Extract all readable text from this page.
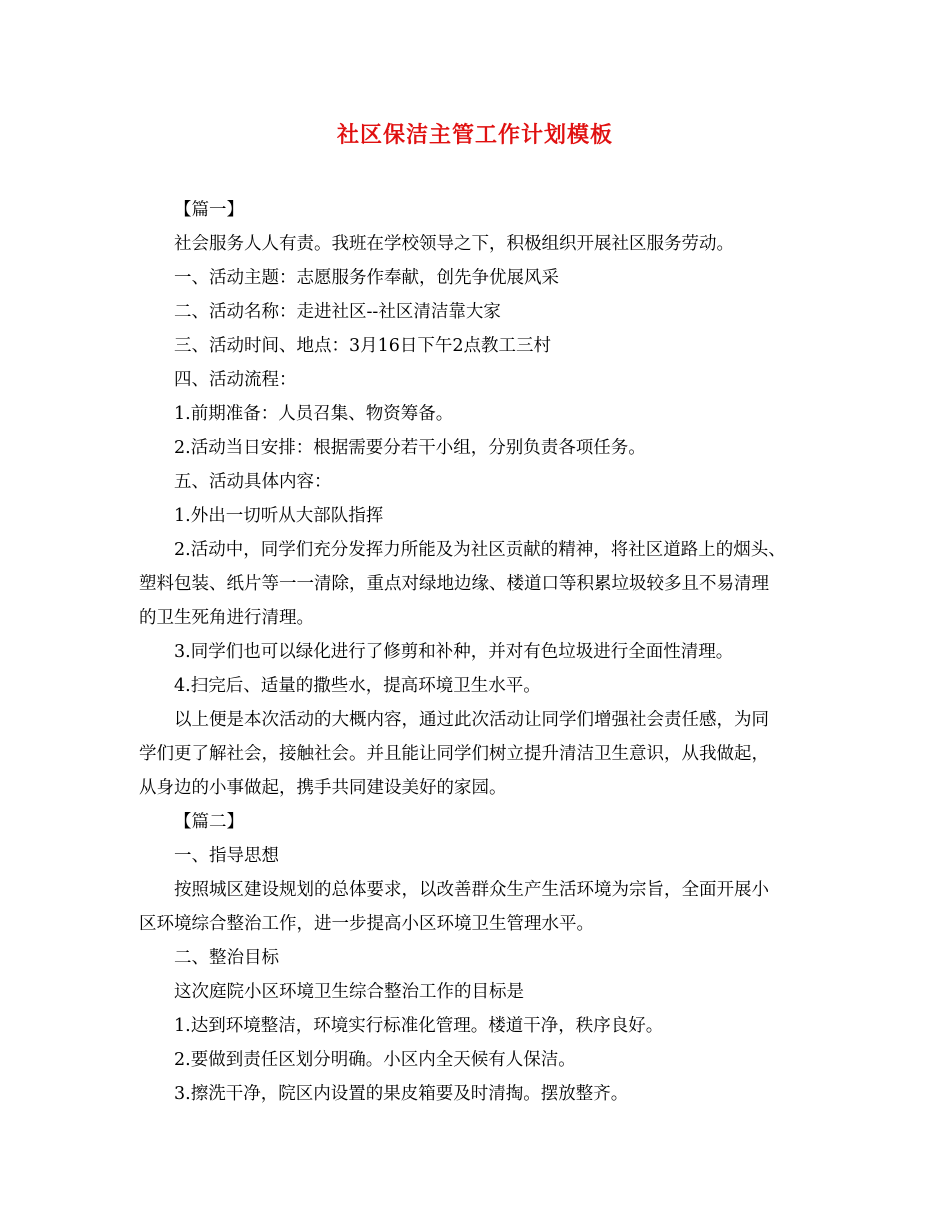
社区保洁主管工作计划模板

【篇一】

社会服务人人有责。我班在学校领导之下，积极组织开展社区服务劳动。

一、活动主题：志愿服务作奉献，创先争优展风采

二、活动名称：走进社区--社区清洁靠大家

三、活动时间、地点：3月16日下午2点教工三村

四、活动流程：

1.前期准备：人员召集、物资筹备。

2.活动当日安排：根据需要分若干小组，分别负责各项任务。

五、活动具体内容：

1.外出一切听从大部队指挥

2.活动中，同学们充分发挥力所能及为社区贡献的精神，将社区道路上的烟头、

塑料包装、纸片等一一清除，重点对绿地边缘、楼道口等积累垃圾较多且不易清理

的卫生死角进行清理。

3.同学们也可以绿化进行了修剪和补种，并对有色垃圾进行全面性清理。

4.扫完后、适量的撒些水，提高环境卫生水平。

以上便是本次活动的大概内容，通过此次活动让同学们增强社会责任感，为同

学们更了解社会，接触社会。并且能让同学们树立提升清洁卫生意识，从我做起，

从身边的小事做起，携手共同建设美好的家园。

【篇二】

一、指导思想

按照城区建设规划的总体要求，以改善群众生产生活环境为宗旨，全面开展小

区环境综合整治工作，进一步提高小区环境卫生管理水平。

二、整治目标

这次庭院小区环境卫生综合整治工作的目标是

1.达到环境整洁，环境实行标准化管理。楼道干净，秩序良好。

2.要做到责任区划分明确。小区内全天候有人保洁。

3.擦洗干净，院区内设置的果皮箱要及时清掏。摆放整齐。
